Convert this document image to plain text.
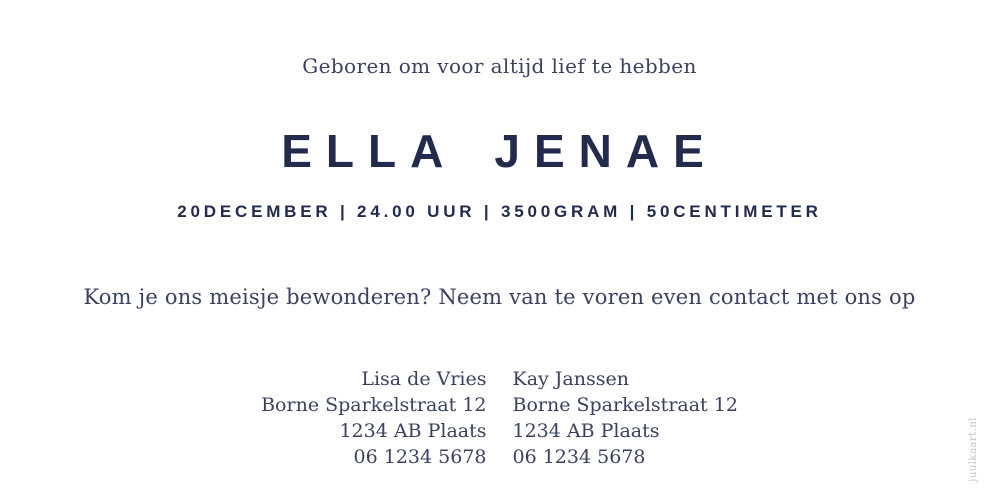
Geboren om voor altijd lief te hebben
ELLA JENAE
20DECEMBER | 24.00 UUR | 3500GRAM | 50CENTIMETER
Kom je ons meisje bewonderen? Neem van te voren even contact met ons op
Lisa de Vries
Borne Sparkelstraat 12
1234 AB Plaats
06 1234 5678
Kay Janssen
Borne Sparkelstraat 12
1234 AB Plaats
06 1234 5678	juulkaart.nl
